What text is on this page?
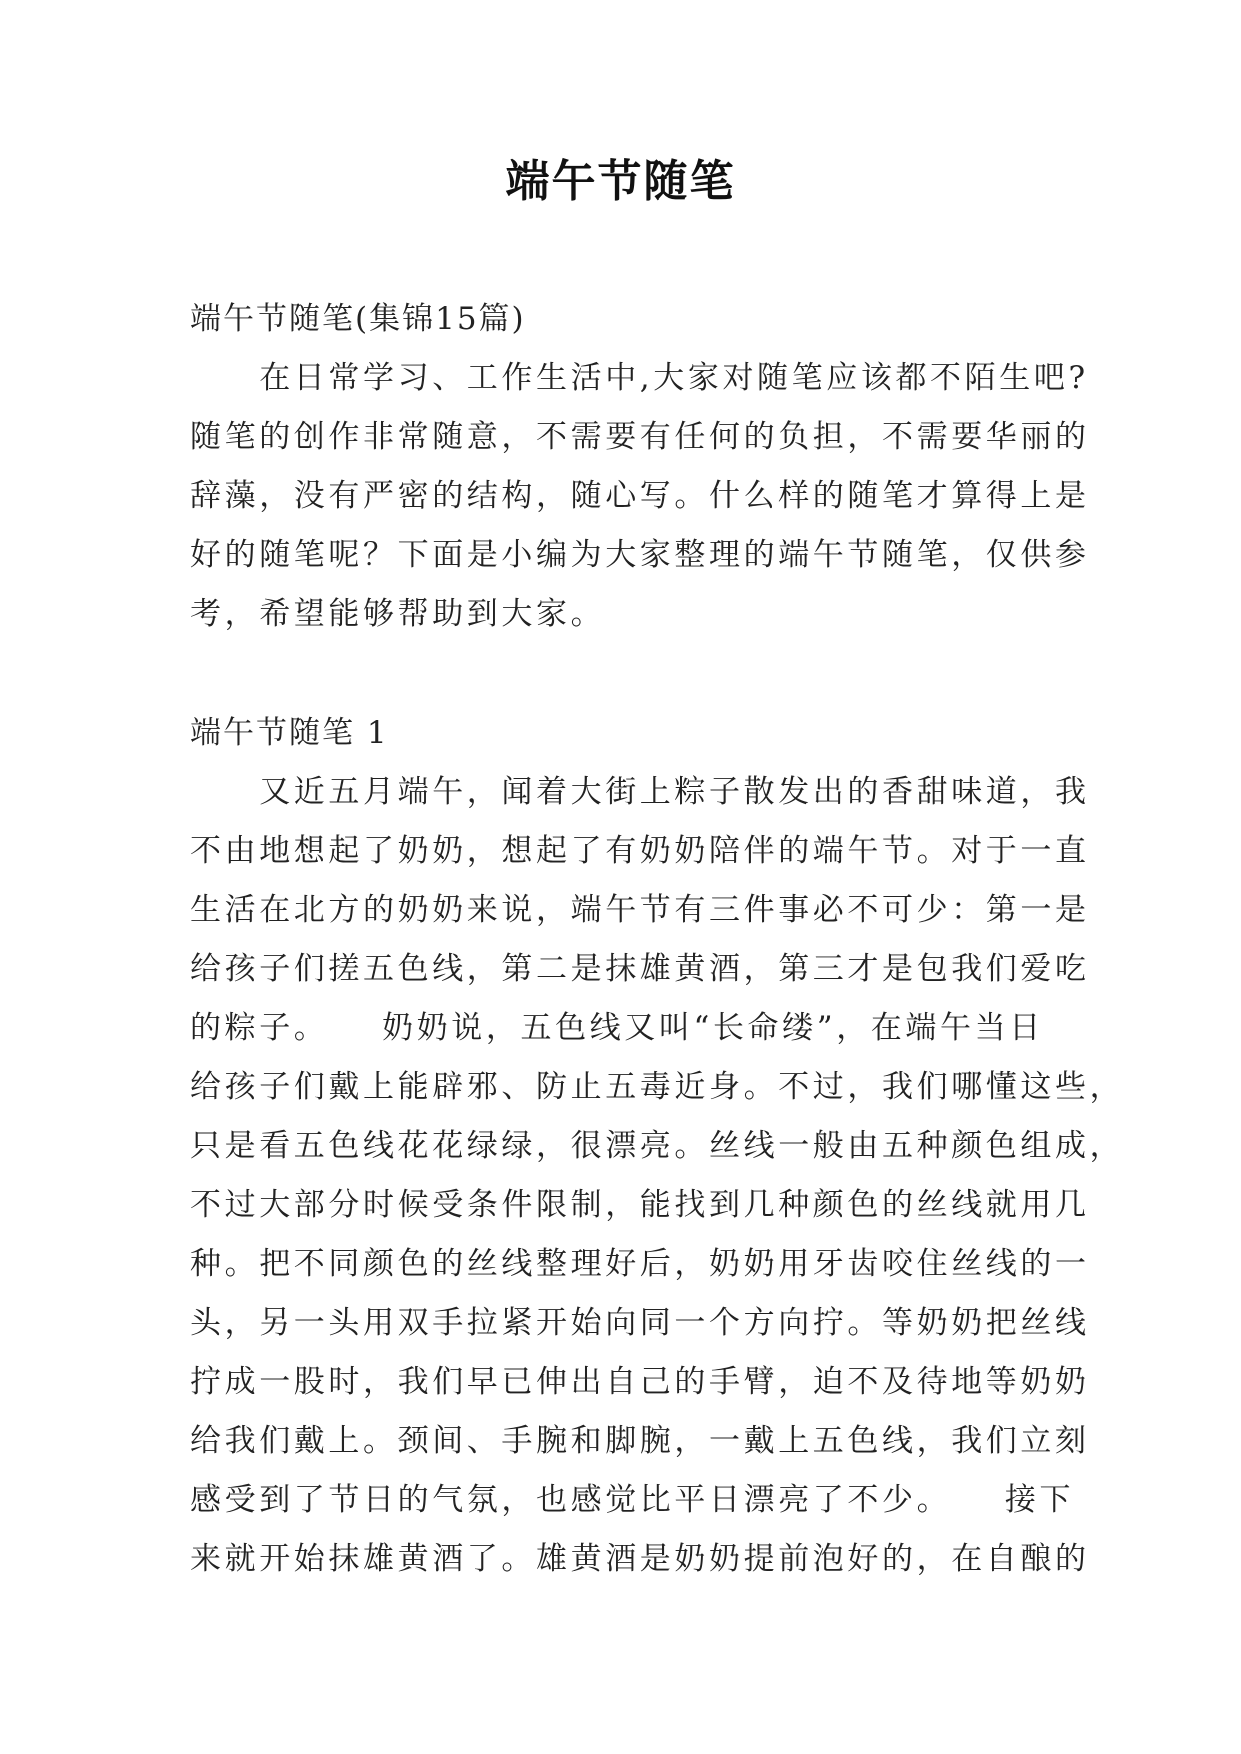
端午节随笔
端午节随笔(集锦15篇)
　　在日常学习、工作生活中,大家对随笔应该都不陌生吧?
随笔的创作非常随意，不需要有任何的负担，不需要华丽的
辞藻，没有严密的结构，随心写。什么样的随笔才算得上是
好的随笔呢？下面是小编为大家整理的端午节随笔，仅供参
考，希望能够帮助到大家。
端午节随笔 1
　　又近五月端午，闻着大街上粽子散发出的香甜味道，我
不由地想起了奶奶，想起了有奶奶陪伴的端午节。对于一直
生活在北方的奶奶来说，端午节有三件事必不可少：第一是
给孩子们搓五色线，第二是抹雄黄酒，第三才是包我们爱吃
的粽子。　　奶奶说，五色线又叫“长命缕”，在端午当日
给孩子们戴上能辟邪、防止五毒近身。不过，我们哪懂这些，
只是看五色线花花绿绿，很漂亮。丝线一般由五种颜色组成，
不过大部分时候受条件限制，能找到几种颜色的丝线就用几
种。把不同颜色的丝线整理好后，奶奶用牙齿咬住丝线的一
头，另一头用双手拉紧开始向同一个方向拧。等奶奶把丝线
拧成一股时，我们早已伸出自己的手臂，迫不及待地等奶奶
给我们戴上。颈间、手腕和脚腕，一戴上五色线，我们立刻
感受到了节日的气氛，也感觉比平日漂亮了不少。　　接下
来就开始抹雄黄酒了。雄黄酒是奶奶提前泡好的，在自酿的
